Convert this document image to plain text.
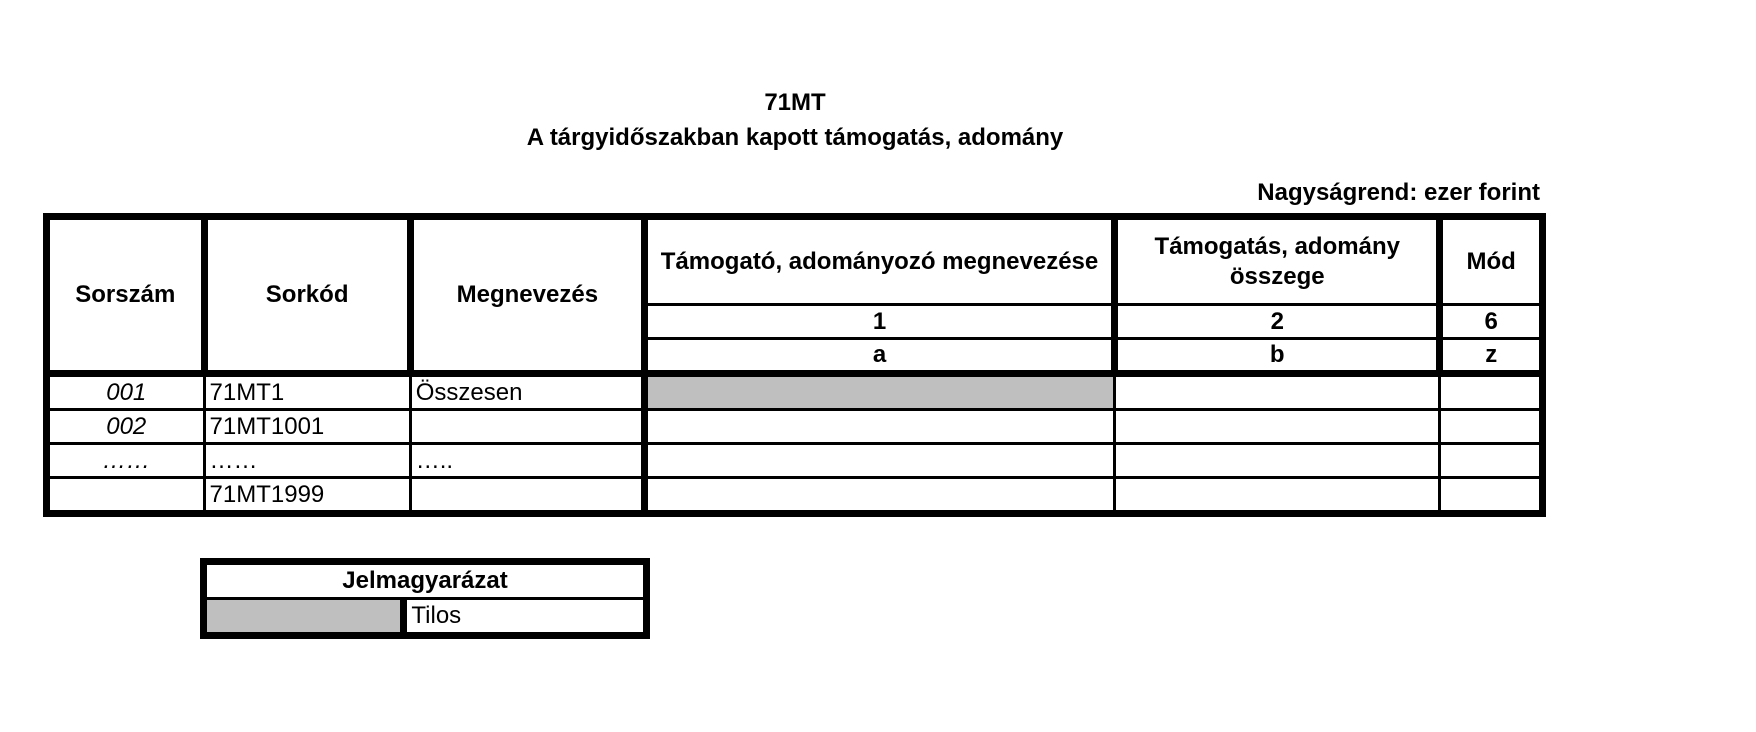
71MT
A tárgyidőszakban kapott támogatás, adomány
Nagyságrend: ezer forint
Sorszám	Sorkód	Megnevezés	Támogató, adományozó megnevezése	Támogatás, adomány összege	Mód
			1	2	6
			a	b	z
001	71MT1	Összesen			
002	71MT1001				
……	……	…..			
	71MT1999				
Jelmagyarázat
	Tilos
